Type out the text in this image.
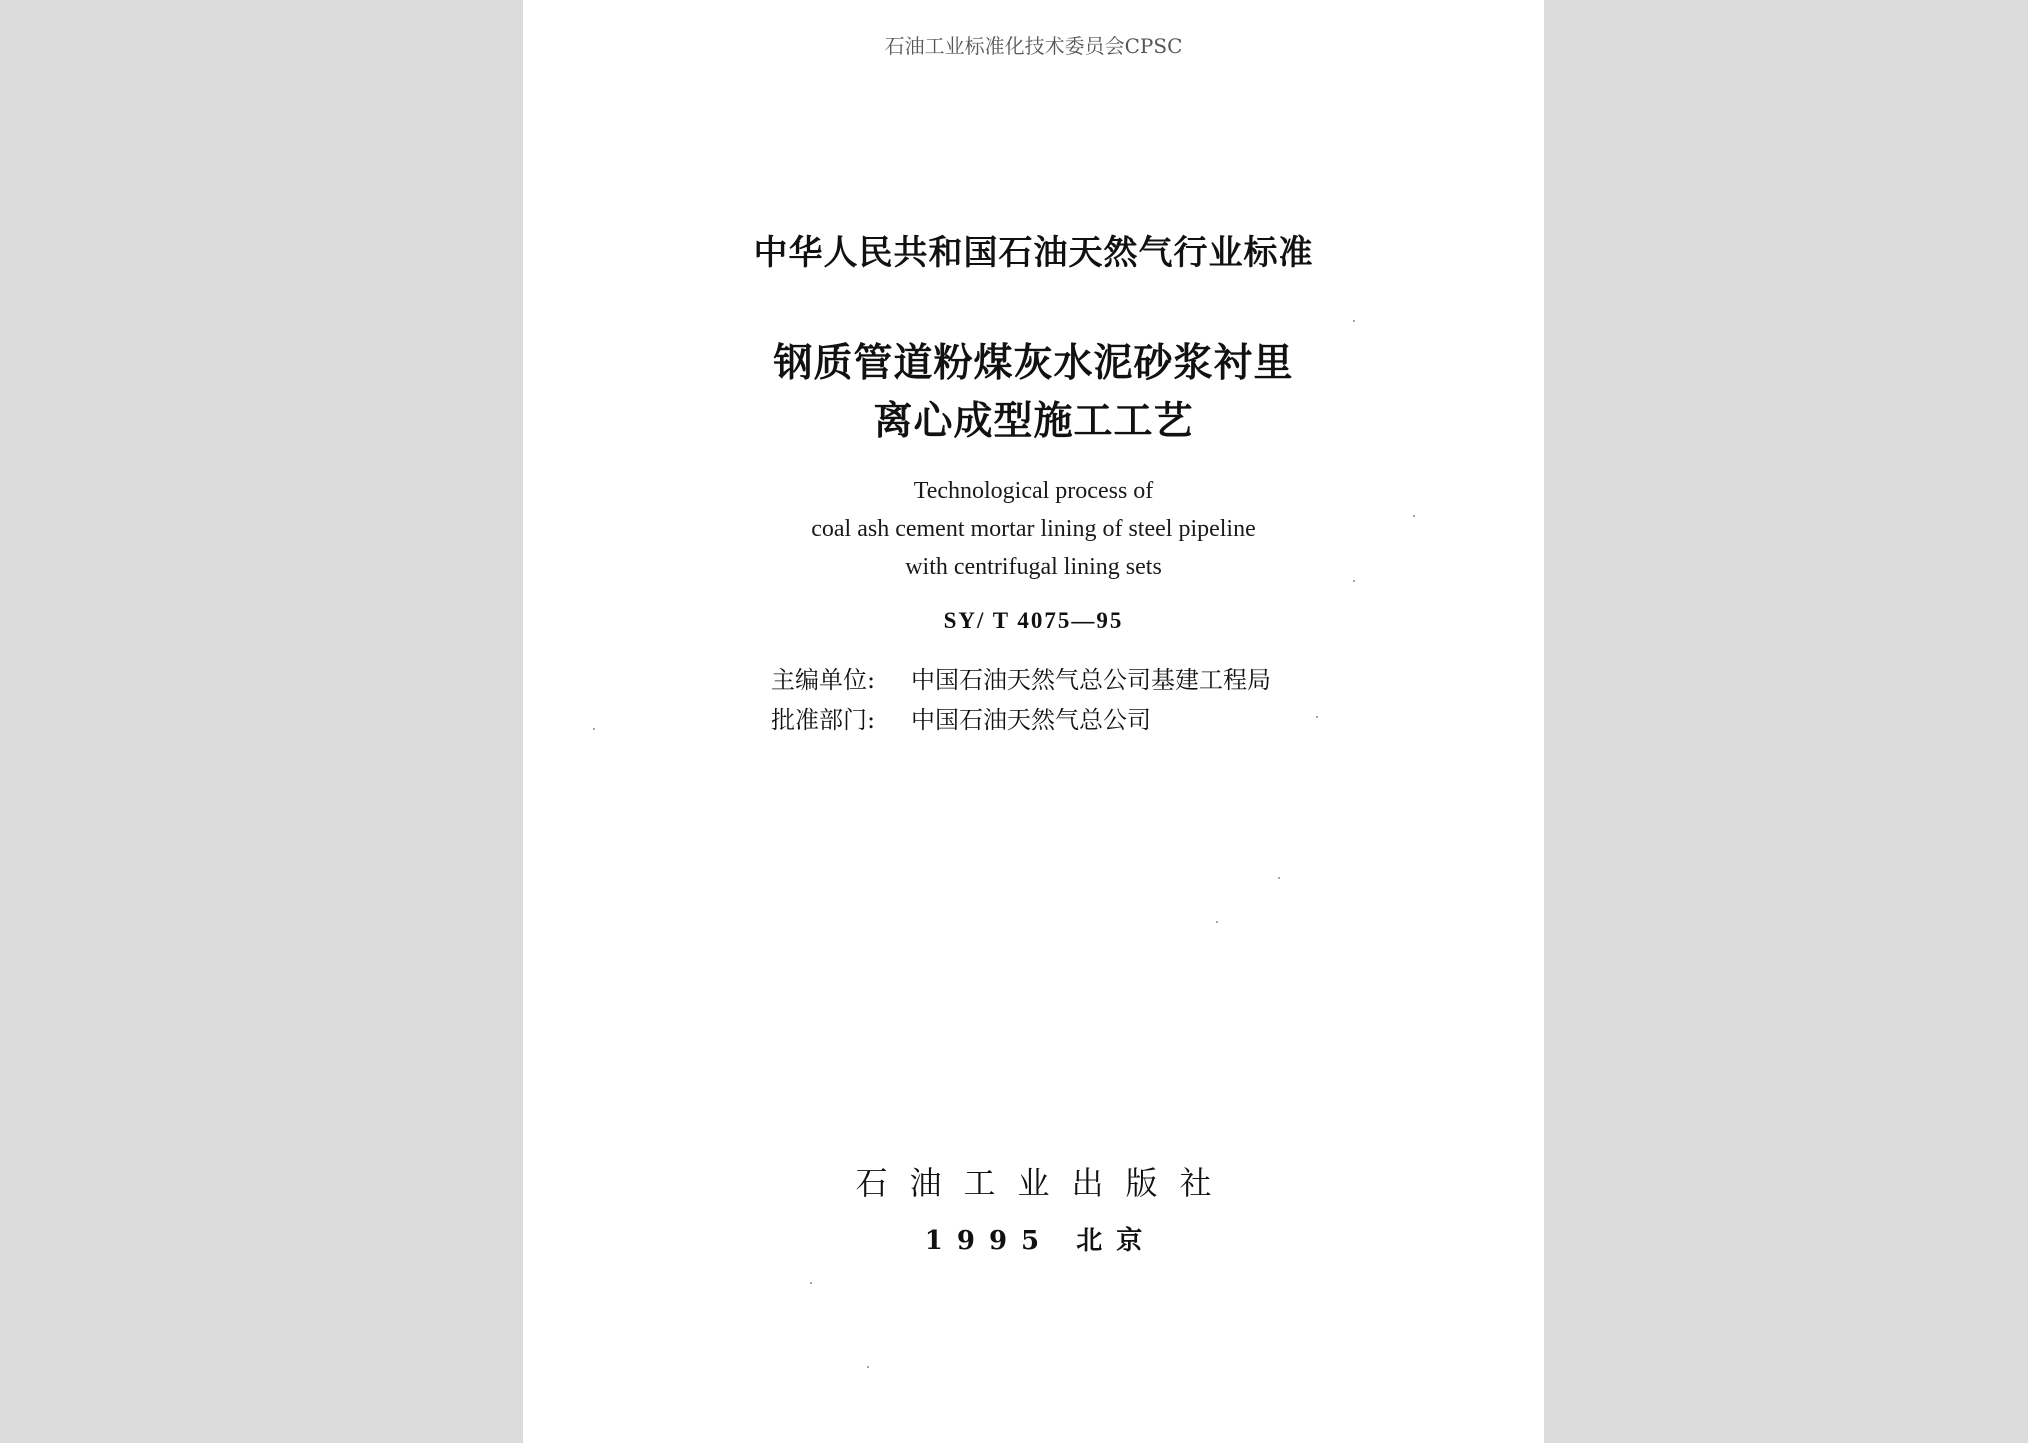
石油工业标准化技术委员会CPSC
中华人民共和国石油天然气行业标准
钢质管道粉煤灰水泥砂浆衬里
离心成型施工工艺
Technological process of
coal ash cement mortar lining of steel pipeline
with centrifugal lining sets
SY/ T 4075—95
主编单位: 中国石油天然气总公司基建工程局
批准部门: 中国石油天然气总公司
石油工业出版社
1995 北京
